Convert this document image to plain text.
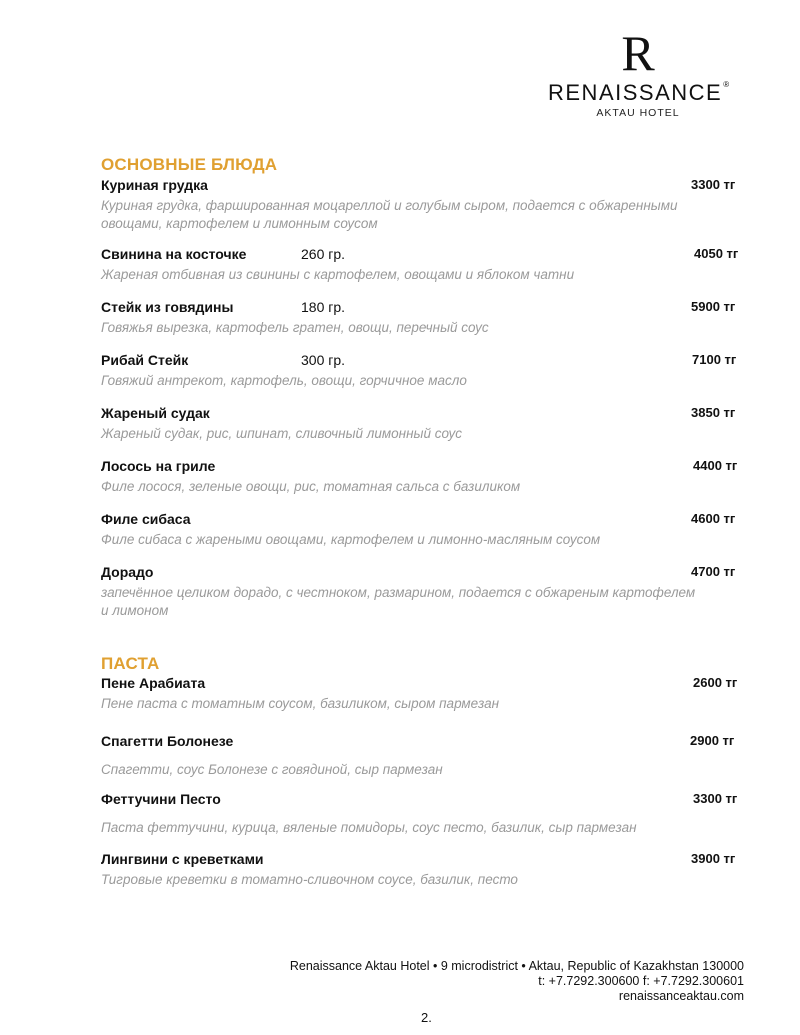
R
RENAISSANCE®
AKTAU HOTEL
ОСНОВНЫЕ БЛЮДА
Куриная грудка	3300 тг
Куриная грудка, фаршированная моцареллой и голубым сыром, подается с обжаренными овощами, картофелем и лимонным соусом
Свинина на косточке	260 гр.	4050 тг
Жареная отбивная из свинины с картофелем, овощами и яблоком чатни
Стейк из говядины	180 гр.	5900 тг
Говяжья вырезка, картофель гратен, овощи, перечный соус
Рибай Стейк	300 гр.	7100 тг
Говяжий антрекот, картофель, овощи, горчичное масло
Жареный судак	3850 тг
Жареный судак, рис, шпинат, сливочный лимонный соус
Лосось на гриле	4400 тг
Филе лосося, зеленые овощи, рис, томатная сальса с базиликом
Филе сибаса	4600 тг
Филе сибаса с жареными овощами, картофелем и лимонно-масляным соусом
Дорадо	4700 тг
запечённое целиком дорадо, с честноком, размарином, подается с обжареным картофелем и лимоном
ПАСТА
Пене Арабиата	2600 тг
Пене паста с томатным соусом, базиликом, сыром пармезан
Спагетти Болонезе	2900 тг
Спагетти, соус Болонезе с говядиной, сыр пармезан
Феттучини Песто	3300 тг
Паста феттучини, курица, вяленые помидоры, соус песто, базилик, сыр пармезан
Лингвини с креветками	3900 тг
Тигровые креветки в томатно-сливочном соусе, базилик, песто
Renaissance Aktau Hotel • 9 microdistrict • Aktau, Republic of Kazakhstan 130000
t: +7.7292.300600 f: +7.7292.300601
renaissanceaktau.com
2.
